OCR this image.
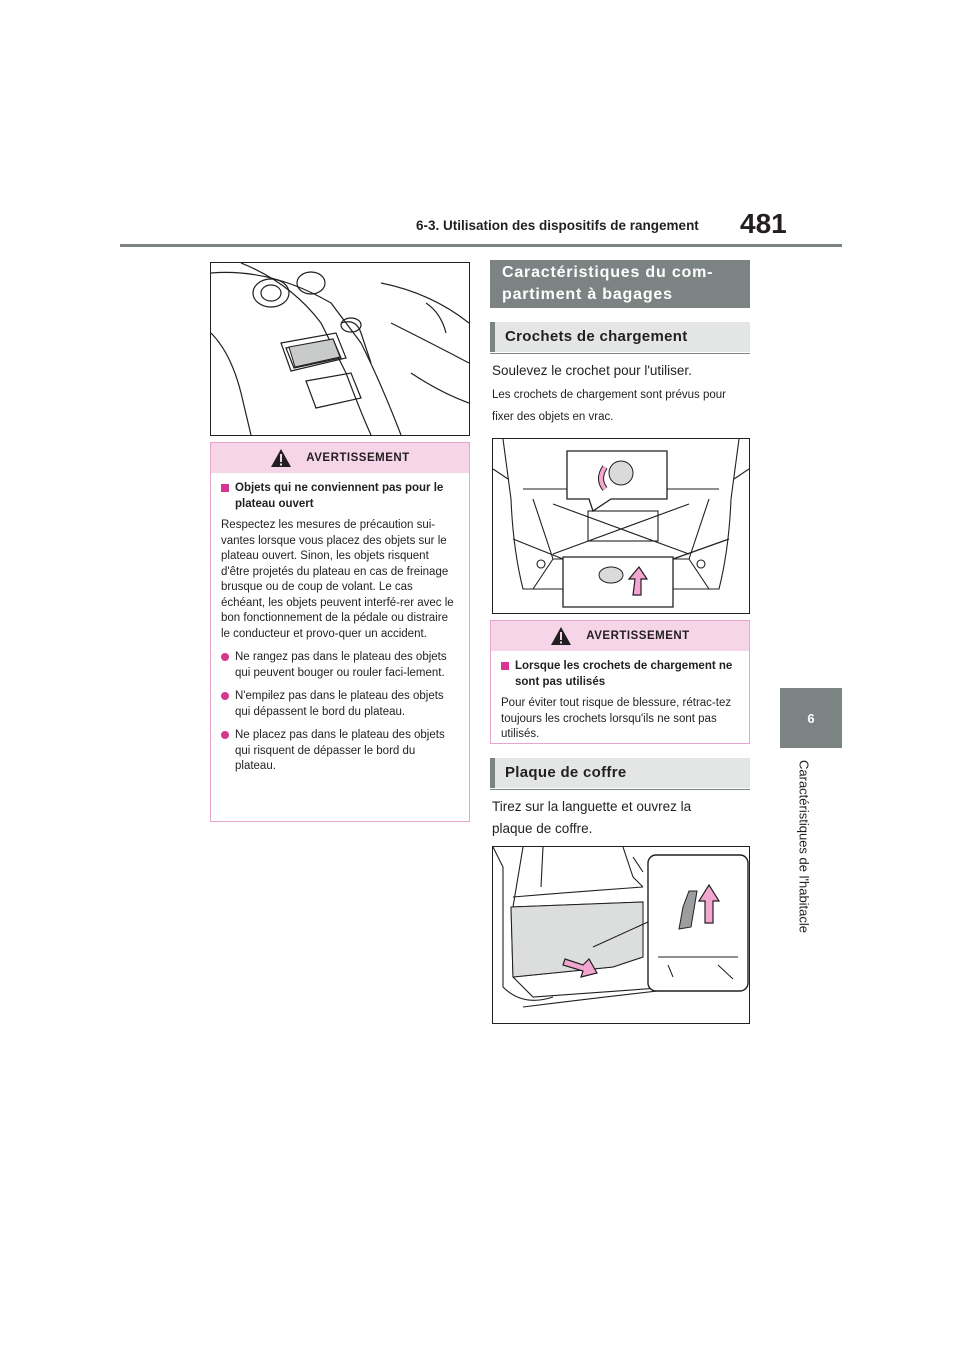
6-3. Utilisation des dispositifs de rangement 481
6
Caractéristiques de l'habitacle
AVERTISSEMENT
Objets qui ne conviennent pas pour le plateau ouvert

Respectez les mesures de précaution sui-vantes lorsque vous placez des objets sur le plateau ouvert. Sinon, les objets risquent d'être projetés du plateau en cas de freinage brusque ou de coup de volant. Le cas échéant, les objets peuvent interfé-rer avec le bon fonctionnement de la pédale ou distraire le conducteur et provo-quer un accident.

Ne rangez pas dans le plateau des objets qui peuvent bouger ou rouler faci-lement.
N'empilez pas dans le plateau des objets qui dépassent le bord du plateau.
Ne placez pas dans le plateau des objets qui risquent de dépasser le bord du plateau.
Caractéristiques du com-partiment à bagages
Crochets de chargement
Soulevez le crochet pour l'utiliser.
Les crochets de chargement sont prévus pour fixer des objets en vrac.
AVERTISSEMENT
Lorsque les crochets de chargement ne sont pas utilisés

Pour éviter tout risque de blessure, rétrac-tez toujours les crochets lorsqu'ils ne sont pas utilisés.

Plaque de coffre
Tirez sur la languette et ouvrez la plaque de coffre.
